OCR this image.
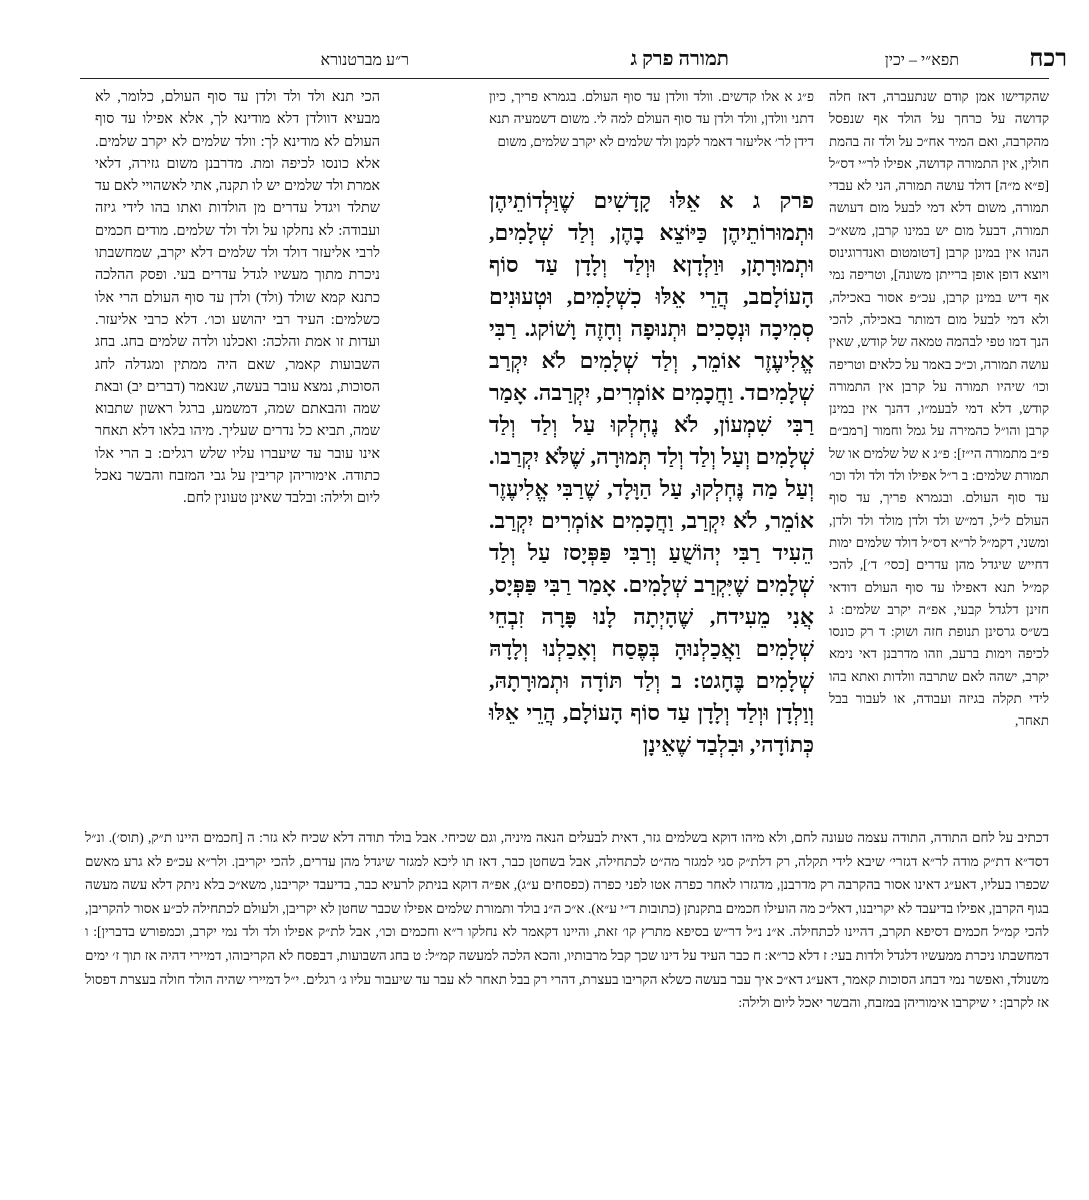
רכח
תפא״י – יכין
תמורה פרק ג
ר״ע מברטנורא
שהקדישו אמן קודם שנתעברה, דאז חלה קדושה על כרחך על הולד אף שנפסל מהקרבה, ואם המיר אח״כ על ולד זה בהמת חולין, אין התמורה קדושה, אפילו לר״י דס״ל [פ״א מ״ה] דולד עושה תמורה, הני לא עבדי תמורה, משום דלא דמי לבעל מום דעושה תמורה, דבעל מום יש במינו קרבן, משא״כ הנהו אין במינן קרבן [דטומטום ואנדרוגינוס ויוצא דופן אופן ברייתן משונה], וטריפה נמי אף דיש במינן קרבן, עכ״פ אסור באכילה, ולא דמי לבעל מום דמותר באכילה, להכי הנך דמו טפי לבהמה טמאה של קודש, שאין עושה תמורה, וכ״כ באמר על כלאים וטריפה וכו׳ שיהיו תמורה על קרבן אין התמורה קודש, דלא דמי לבעמ״ו, דהנך אין במינן קרבן והו״ל כהמירה על גמל וחמור [רמב״ם פ״ב מתמורה הי״ז]: פ״ג א של שלמים או של תמורת שלמים: ב ר״ל אפילו ולד ולד ולד וכו׳ עד סוף העולם. ובגמרא פריך, עד סוף העולם ל״ל, דמ״ש ולד ולדן מולד ולד ולדן, ומשני, דקמ״ל לר״א דס״ל דולד שלמים ימות דחייש שיגדל מהן עדרים [כסי׳ ד׳], להכי קמ״ל תנא דאפילו עד סוף העולם דודאי חזינן דלגדל קבעי, אפ״ה יקרב שלמים: ג בש״ס גרסינן תנופת חזה ושוק: ד רק כונסו לכיפה וימות ברעב, וזהו מדרבנן דאי נימא יקרב, ישהה לאם שתרבה וולדות ואתא בהו לידי תקלה בגיזה ועבודה, או לעבור בבל תאחר,
פ״ג א אלו קדשים. וולד וולדן עד סוף העולם. בגמרא פריך, כיון דתני וולדן, וולד ולדן עד סוף העולם למה לי. משום דשמעיה תנא דידן לר׳ אליעזר דאמר לקמן ולד שלמים לא יקרב שלמים, משום
פרק ג א אֵלּוּ קָדָשִׁים שֶׁוַּלְדוֹתֵיהֶן וּתְמוּרוֹתֵיהֶן כַּיּוֹצֵא בָהֶן, וְלַד שְׁלָמִים, וּתְמוּרָתָן, וּוַלְדָןא וּוְלַד וְלָדָן עַד סוֹף הָעוֹלָםב, הֲרֵי אֵלּוּ כִשְׁלָמִים, וּטְעוּנִים סְמִיכָה וּנְסָכִים וּתְנוּפָה וְחָזֶה וָשׁוֹקג. רַבִּי אֱלִיעֶזֶר אוֹמֵר, וְלַד שְׁלָמִים לֹא יִקְרַב שְׁלָמִיםד. וַחֲכָמִים אוֹמְרִים, יִקְרַבה. אָמַר רַבִּי שִׁמְעוֹן, לֹא נֶחְלְקוּ עַל וְלַד וְלַד שְׁלָמִים וְעַל וְלַד וְלַד תְּמוּרָה, שֶׁלֹּא יִקְרַבו. וְעַל מַה נֶּחְלְקוּ, עַל הַוָּלָד, שֶׁרַבִּי אֱלִיעֶזֶר אוֹמֵר, לֹא יִקְרַב, וַחֲכָמִים אוֹמְרִים יִקְרַב. הֵעִיד רַבִּי יְהוֹשֻׁעַ וְרַבִּי פַּפְּיָסז עַל וְלַד שְׁלָמִים שֶׁיִּקְרַב שְׁלָמִים. אָמַר רַבִּי פַּפְּיָס, אֲנִי מֵעִידח, שֶׁהָיְתָה לָנוּ פָּרָה זִבְחֵי שְׁלָמִים וַאֲכַלְנוּהָ בְּפֶסַח וְאָכַלְנוּ וְלָדָהּ שְׁלָמִים בֶּחָגט: ב וְלַד תּוֹדָה וּתְמוּרָתָהּ, וְוַלְדָן וּוְלַד וְלָדָן עַד סוֹף הָעוֹלָם, הֲרֵי אֵלּוּ כְּתוֹדָהי, וּבִלְבַד שֶׁאֵינָן
הכי תנא ולד ולד ולדן עד סוף העולם, כלומר, לא מבעיא דוולדן דלא מודינא לך, אלא אפילו עד סוף העולם לא מודינא לך: וולד שלמים לא יקרב שלמים. אלא כונסו לכיפה ומת. מדרבנן משום גזירה, דלאי אמרת ולד שלמים יש לו תקנה, אתי לאשהויי לאם עד שתלד ויגדל עדרים מן הולדות ואתו בהו לידי גיזה ועבודה: לא נחלקו על ולד ולד שלמים. מודים חכמים לרבי אליעזר דולד ולד שלמים דלא יקרב, שמחשבתו ניכרת מתוך מעשיו לגדל עדרים בעי. ופסק ההלכה כתנא קמא שולד (ולד) ולדן עד סוף העולם הרי אלו כשלמים: העיד רבי יהושע וכו׳. דלא כרבי אליעזר. ועדות זו אמת והלכה: ואכלנו ולדה שלמים בחג. בחג השבועות קאמר, שאם היה ממתין ומגדלה לחג הסוכות, נמצא עובר בעשה, שנאמר (דברים יב) ובאת שמה והבאתם שמה, דמשמע, ברגל ראשון שתבוא שמה, תביא כל נדרים שעליך. מיהו בלאו דלא תאחר אינו עובר עד שיעברו עליו שלש רגלים: ב הרי אלו כתודה. אימוריהן קריבין על גבי המזבח והבשר נאכל ליום ולילה: ובלבד שאינן טעונין לחם.
דכתיב על לחם התודה, התודה עצמה טעונה לחם, ולא מיהו דוקא בשלמים גזר, דאית לבעלים הנאה מיניה, וגם שכיחי. אבל בולד תודה דלא שכיח לא גזר: ה [חכמים היינו ת״ק, (תוס׳). ונ״ל דסד״א דת״ק מודה לר״א דגזרי׳ שיבא לידי תקלה, רק דלת״ק סגי למגזר מה״ט לכתחילה, אבל בשחטן כבר, דאז תו ליכא למגזר שיגדל מהן עדרים, להכי יקריבן. ולר״א עכ״פ לא גרע מאשם שכפרו בעליו, דאע״ג דאינו אסור בהקרבה רק מדרבנן, מדגזרו לאחר כפרה אטו לפני כפרה (כפסחים ע״ג), אפ״ה דוקא בניתק לרעיא כבר, בדיעבד יקריבנו, משא״כ בלא ניתק דלא עשה מעשה בגוף הקרבן, אפילו בדיעבד לא יקריבנו, דאל״כ מה הועילו חכמים בתקנתן (כתובות ד״י ע״א). א״כ ה״נ בולד ותמורת שלמים אפילו שכבר שחטן לא יקריבן, ולעולם לכתחילה לכ״ע אסור להקריבן, להכי קמ״ל חכמים דסיפא תקרב, דהיינו לכתחילה. א״נ נ״ל דר״ש בסיפא מתרץ קו׳ זאת, והיינו דקאמר לא נחלקו ר״א וחכמים וכו׳, אבל לת״ק אפילו ולד ולד נמי יקרב, וכמפורש בדברין]: ו דמחשבתו ניכרת ממעשיו דלגדל ולדות בעי: ז דלא כר״א: ח כבר העיד על דינו שכך קבל מרבותיו, והכא הלכה למעשה קמ״ל: ט בחג השבועות, דבפסח לא הקריבוהו, דמיירי דהיה אז תוך ז׳ ימים משנולד, ואפשר נמי דבחג הסוכות קאמר, דאע״ג דא״כ איך עבר בעשה כשלא הקריבו בעצרת, דהרי רק בבל תאחר לא עבר עד שיעבור עליו ג׳ רגלים. י״ל דמיירי שהיה הולד חולה בעצרת דפסול אז לקרבן: י שיקרבו אימוריהן במזבח, והבשר יאכל ליום ולילה:
